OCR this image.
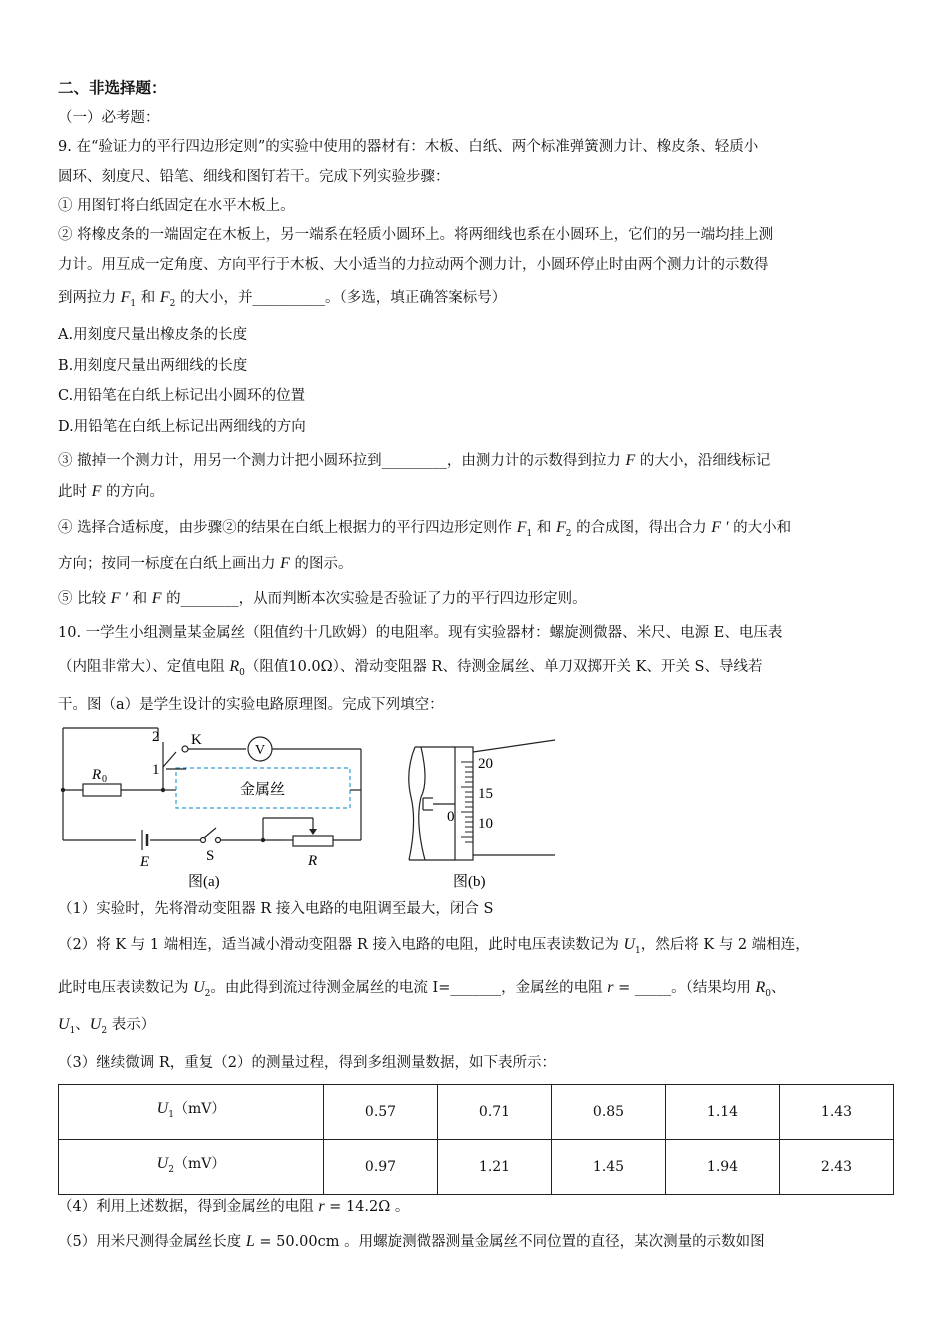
二、非选择题：
（一）必考题：
9. 在“验证力的平行四边形定则”的实验中使用的器材有：木板、白纸、两个标准弹簧测力计、橡皮条、轻质小
圆环、刻度尺、铅笔、细线和图钉若干。完成下列实验步骤：
① 用图钉将白纸固定在水平木板上。
② 将橡皮条的一端固定在木板上，另一端系在轻质小圆环上。将两细线也系在小圆环上，它们的另一端均挂上测
力计。用互成一定角度、方向平行于木板、大小适当的力拉动两个测力计，小圆环停止时由两个测力计的示数得
到两拉力 $F_1$ 和 $F_2$ 的大小，并__________。（多选，填正确答案标号）
A.用刻度尺量出橡皮条的长度
B.用刻度尺量出两细线的长度
C.用铅笔在白纸上标记出小圆环的位置
D.用铅笔在白纸上标记出两细线的方向
③ 撤掉一个测力计，用另一个测力计把小圆环拉到_________，由测力计的示数得到拉力 F 的大小，沿细线标记
此时 F 的方向。
④ 选择合适标度，由步骤②的结果在白纸上根据力的平行四边形定则作 $F_1$ 和 $F_2$ 的合成图，得出合力 F ′ 的大小和
方向；按同一标度在白纸上画出力 F 的图示。
⑤ 比较 F ′ 和 F 的________，从而判断本次实验是否验证了力的平行四边形定则。
10. 一学生小组测量某金属丝（阻值约十几欧姆）的电阻率。现有实验器材：螺旋测微器、米尺、电源 E、电压表
（内阻非常大）、定值电阻 $R_0$（阻值10.0Ω）、滑动变阻器 R、待测金属丝、单刀双掷开关 K、开关 S、导线若
干。图（a）是学生设计的实验电路原理图。完成下列填空：
2
1
K
V
R 0
金属丝
E	S	R
图(a)
20
15
10
0
图(b)
（1）实验时，先将滑动变阻器 R 接入电路的电阻调至最大，闭合 S
（2）将 K 与 1 端相连，适当减小滑动变阻器 R 接入电路的电阻，此时电压表读数记为 $U_1$，然后将 K 与 2 端相连，
此时电压表读数记为 $U_2$。由此得到流过待测金属丝的电流 I=_______，金属丝的电阻 r = _____。（结果均用 $R_0$、
$U_1$、$U_2$ 表示）
（3）继续微调 R，重复（2）的测量过程，得到多组测量数据，如下表所示：
$U_1(mV)$	0.57	0.71	0.85	1.14	1.43
$U_2(mV)$	0.97	1.21	1.45	1.94	2.43
（4）利用上述数据，得到金属丝的电阻 r = 14.2Ω 。
（5）用米尺测得金属丝长度 L = 50.00cm 。用螺旋测微器测量金属丝不同位置的直径，某次测量的示数如图
